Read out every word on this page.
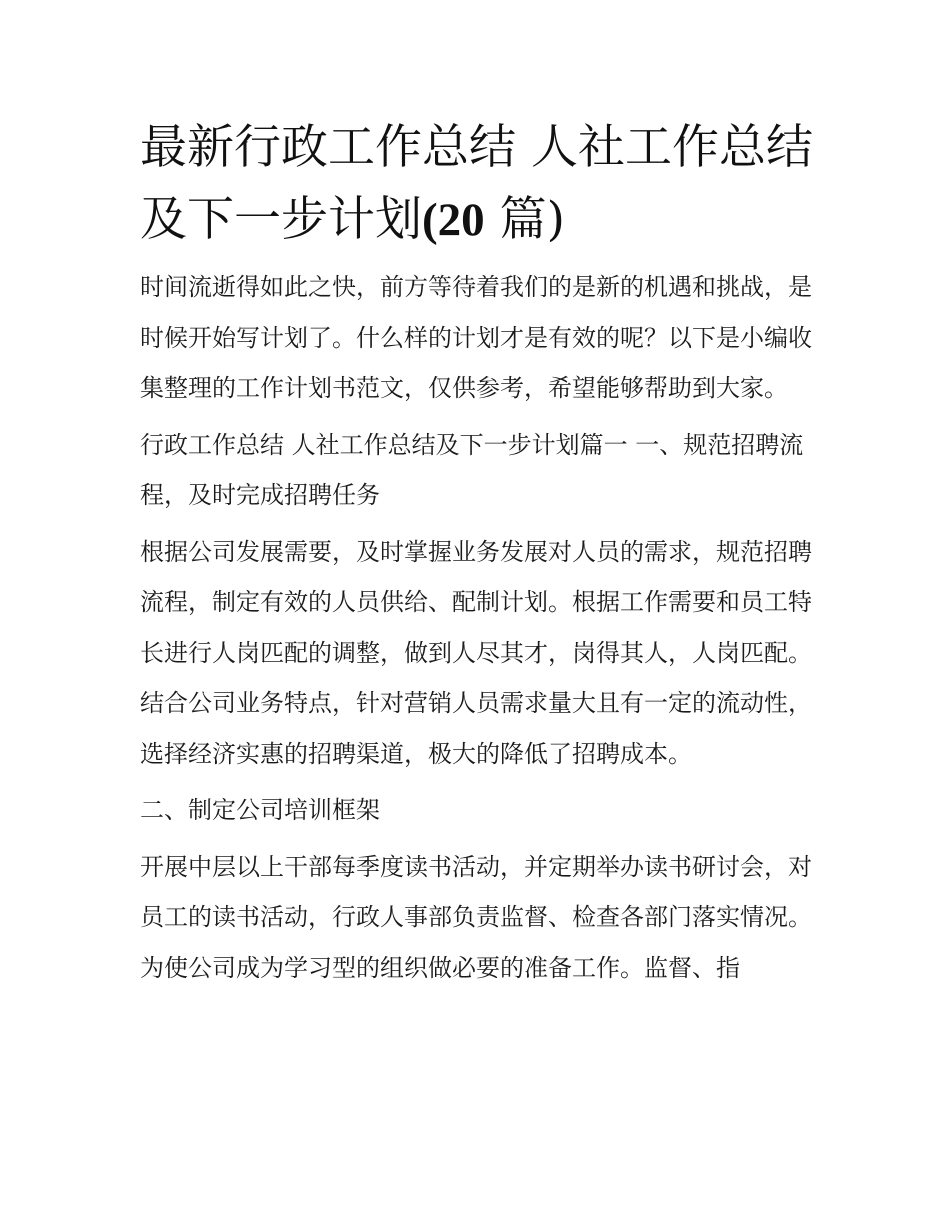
最新行政工作总结 人社工作总结及下一步计划(20 篇)

时间流逝得如此之快，前方等待着我们的是新的机遇和挑战，是时候开始写计划了。什么样的计划才是有效的呢？以下是小编收集整理的工作计划书范文，仅供参考，希望能够帮助到大家。

行政工作总结 人社工作总结及下一步计划篇一 一、规范招聘流程，及时完成招聘任务

根据公司发展需要，及时掌握业务发展对人员的需求，规范招聘流程，制定有效的人员供给、配制计划。根据工作需要和员工特长进行人岗匹配的调整，做到人尽其才，岗得其人，人岗匹配。结合公司业务特点，针对营销人员需求量大且有一定的流动性，选择经济实惠的招聘渠道，极大的降低了招聘成本。

二、制定公司培训框架

开展中层以上干部每季度读书活动，并定期举办读书研讨会，对员工的读书活动，行政人事部负责监督、检查各部门落实情况。为使公司成为学习型的组织做必要的准备工作。监督、指
